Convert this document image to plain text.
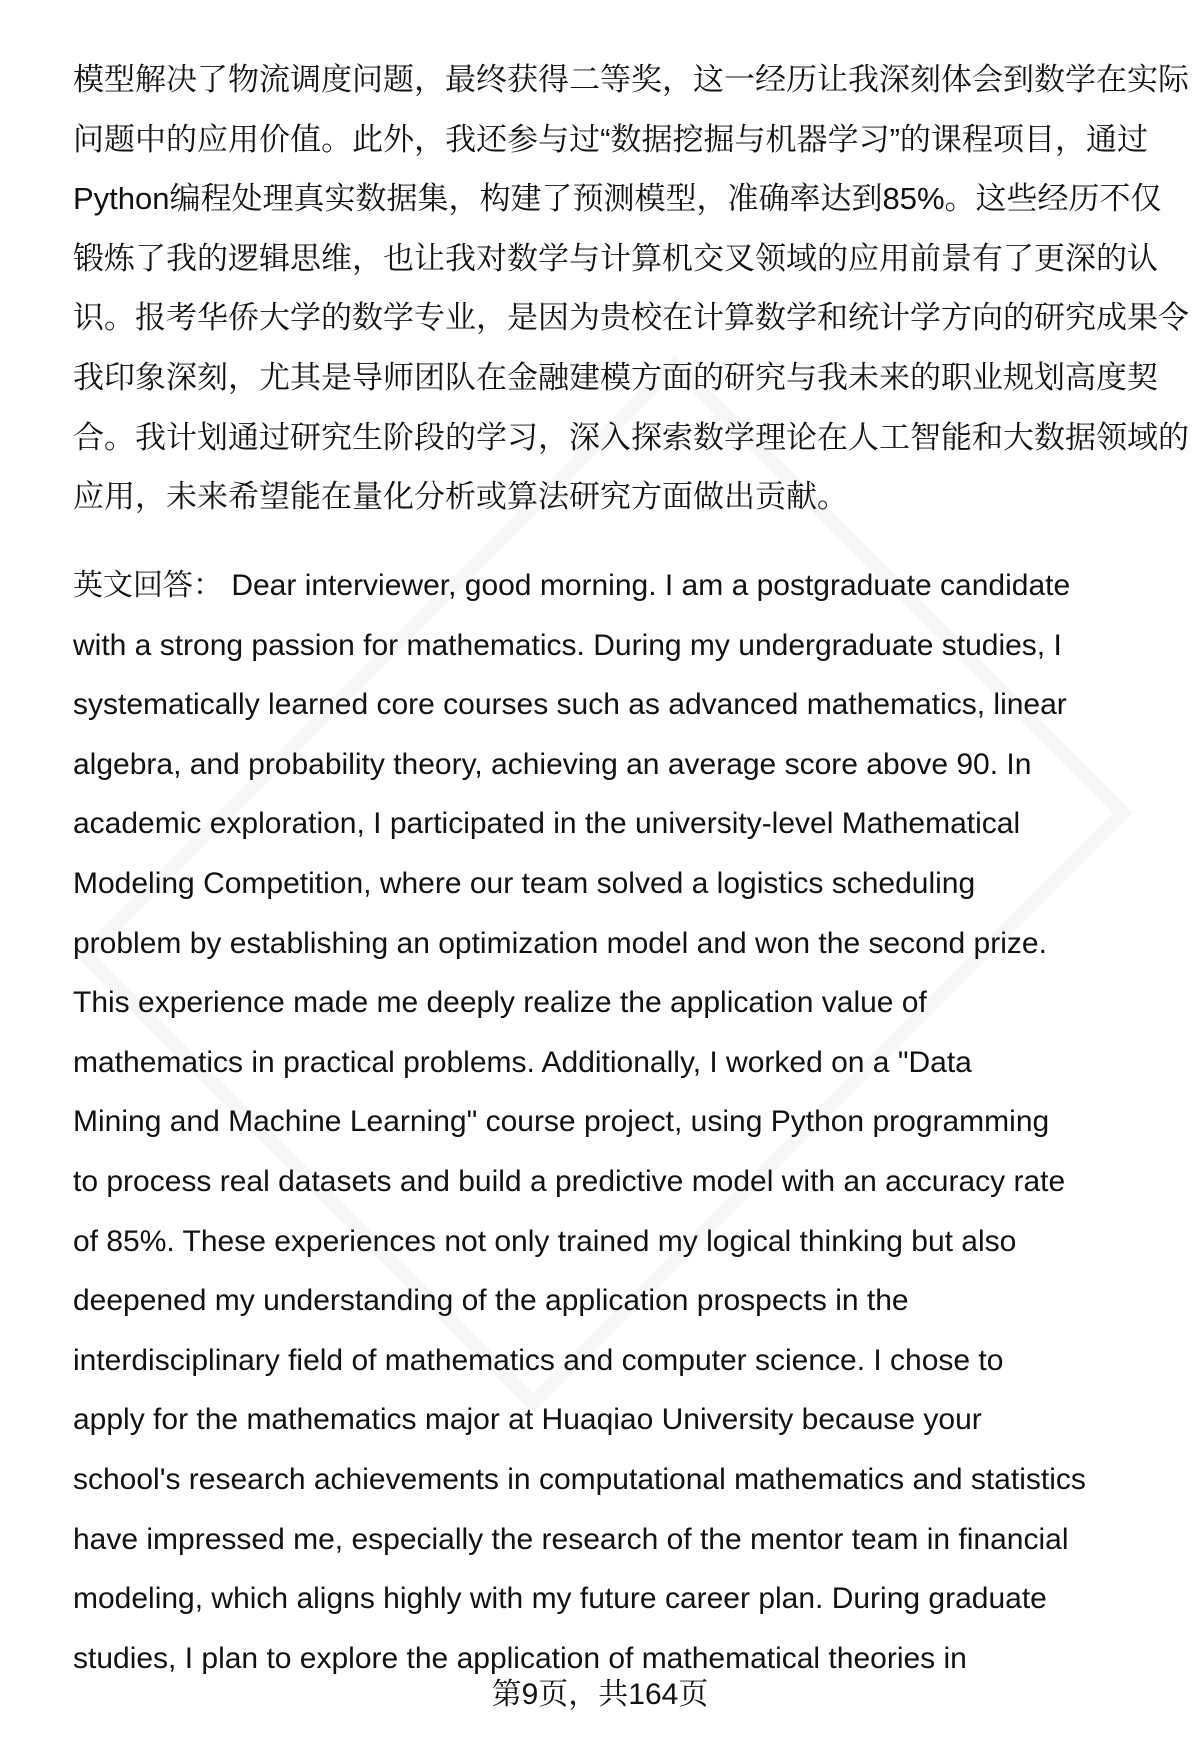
模型解决了物流调度问题，最终获得二等奖，这一经历让我深刻体会到数学在实际
问题中的应用价值。此外，我还参与过“数据挖掘与机器学习”的课程项目，通过
Python编程处理真实数据集，构建了预测模型，准确率达到85%。这些经历不仅
锻炼了我的逻辑思维，也让我对数学与计算机交叉领域的应用前景有了更深的认
识。报考华侨大学的数学专业，是因为贵校在计算数学和统计学方向的研究成果令
我印象深刻，尤其是导师团队在金融建模方面的研究与我未来的职业规划高度契
合。我计划通过研究生阶段的学习，深入探索数学理论在人工智能和大数据领域的
应用，未来希望能在量化分析或算法研究方面做出贡献。
英文回答： Dear interviewer, good morning. I am a postgraduate candidate
with a strong passion for mathematics. During my undergraduate studies, I
systematically learned core courses such as advanced mathematics, linear
algebra, and probability theory, achieving an average score above 90. In
academic exploration, I participated in the university-level Mathematical
Modeling Competition, where our team solved a logistics scheduling
problem by establishing an optimization model and won the second prize.
This experience made me deeply realize the application value of
mathematics in practical problems. Additionally, I worked on a "Data
Mining and Machine Learning" course project, using Python programming
to process real datasets and build a predictive model with an accuracy rate
of 85%. These experiences not only trained my logical thinking but also
deepened my understanding of the application prospects in the
interdisciplinary field of mathematics and computer science. I chose to
apply for the mathematics major at Huaqiao University because your
school's research achievements in computational mathematics and statistics
have impressed me, especially the research of the mentor team in financial
modeling, which aligns highly with my future career plan. During graduate
studies, I plan to explore the application of mathematical theories in
第9页，共164页
